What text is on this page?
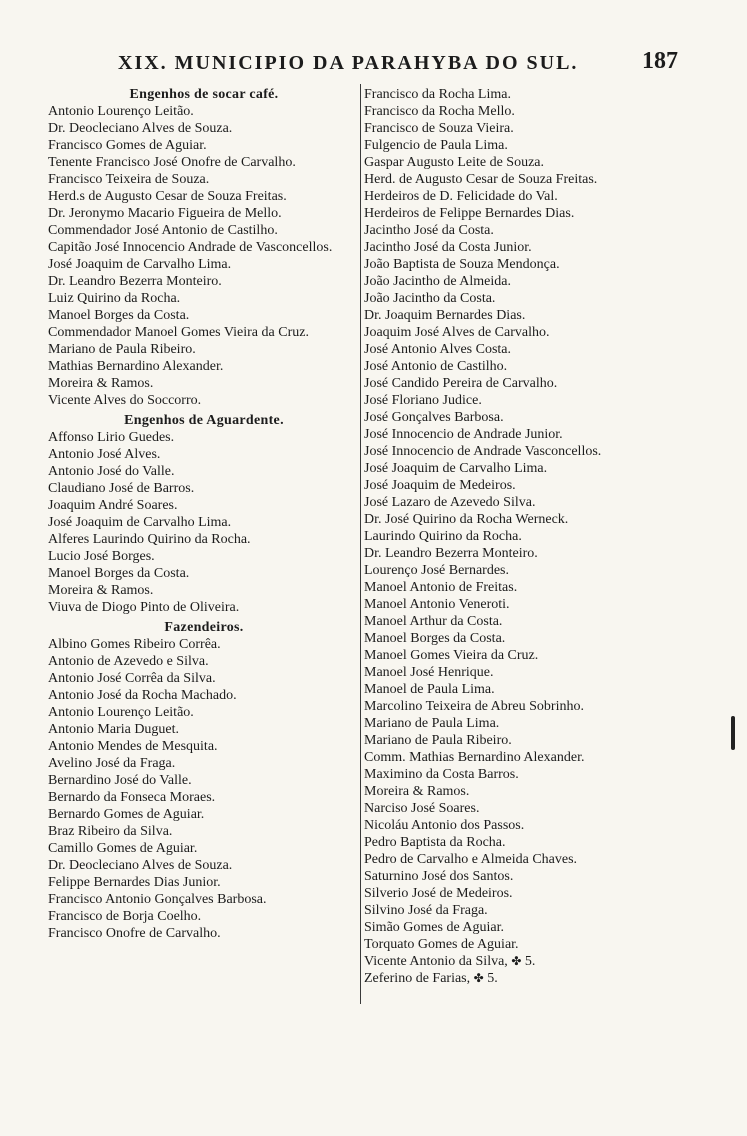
XIX. MUNICIPIO DA PARAHYBA DO SUL.	187
Engenhos de socar café.
Antonio Lourenço Leitão.
Dr. Deocleciano Alves de Souza.
Francisco Gomes de Aguiar.
Tenente Francisco José Onofre de Carvalho.
Francisco Teixeira de Souza.
Herd.s de Augusto Cesar de Souza Freitas.
Dr. Jeronymo Macario Figueira de Mello.
Commendador José Antonio de Castilho.
Capitão José Innocencio Andrade de Vasconcellos.
José Joaquim de Carvalho Lima.
Dr. Leandro Bezerra Monteiro.
Luiz Quirino da Rocha.
Manoel Borges da Costa.
Commendador Manoel Gomes Vieira da Cruz.
Mariano de Paula Ribeiro.
Mathias Bernardino Alexander.
Moreira & Ramos.
Vicente Alves do Soccorro.
Engenhos de Aguardente.
Affonso Lirio Guedes.
Antonio José Alves.
Antonio José do Valle.
Claudiano José de Barros.
Joaquim André Soares.
José Joaquim de Carvalho Lima.
Alferes Laurindo Quirino da Rocha.
Lucio José Borges.
Manoel Borges da Costa.
Moreira & Ramos.
Viuva de Diogo Pinto de Oliveira.
Fazendeiros.
Albino Gomes Ribeiro Corrêa.
Antonio de Azevedo e Silva.
Antonio José Corrêa da Silva.
Antonio José da Rocha Machado.
Antonio Lourenço Leitão.
Antonio Maria Duguet.
Antonio Mendes de Mesquita.
Avelino José da Fraga.
Bernardino José do Valle.
Bernardo da Fonseca Moraes.
Bernardo Gomes de Aguiar.
Braz Ribeiro da Silva.
Camillo Gomes de Aguiar.
Dr. Deocleciano Alves de Souza.
Felippe Bernardes Dias Junior.
Francisco Antonio Gonçalves Barbosa.
Francisco de Borja Coelho.
Francisco Onofre de Carvalho.
Francisco da Rocha Lima.
Francisco da Rocha Mello.
Francisco de Souza Vieira.
Fulgencio de Paula Lima.
Gaspar Augusto Leite de Souza.
Herd. de Augusto Cesar de Souza Freitas.
Herdeiros de D. Felicidade do Val.
Herdeiros de Felippe Bernardes Dias.
Jacintho José da Costa.
Jacintho José da Costa Junior.
João Baptista de Souza Mendonça.
João Jacintho de Almeida.
João Jacintho da Costa.
Dr. Joaquim Bernardes Dias.
Joaquim José Alves de Carvalho.
José Antonio Alves Costa.
José Antonio de Castilho.
José Candido Pereira de Carvalho.
José Floriano Judice.
José Gonçalves Barbosa.
José Innocencio de Andrade Junior.
José Innocencio de Andrade Vasconcellos.
José Joaquim de Carvalho Lima.
José Joaquim de Medeiros.
José Lazaro de Azevedo Silva.
Dr. José Quirino da Rocha Werneck.
Laurindo Quirino da Rocha.
Dr. Leandro Bezerra Monteiro.
Lourenço José Bernardes.
Manoel Antonio de Freitas.
Manoel Antonio Veneroti.
Manoel Arthur da Costa.
Manoel Borges da Costa.
Manoel Gomes Vieira da Cruz.
Manoel José Henrique.
Manoel de Paula Lima.
Marcolino Teixeira de Abreu Sobrinho.
Mariano de Paula Lima.
Mariano de Paula Ribeiro.
Comm. Mathias Bernardino Alexander.
Maximino da Costa Barros.
Moreira & Ramos.
Narciso José Soares.
Nicoláu Antonio dos Passos.
Pedro Baptista da Rocha.
Pedro de Carvalho e Almeida Chaves.
Saturnino José dos Santos.
Silverio José de Medeiros.
Silvino José da Fraga.
Simão Gomes de Aguiar.
Torquato Gomes de Aguiar.
Vicente Antonio da Silva, ✤ 5.
Zeferino de Farias, ✤ 5.
